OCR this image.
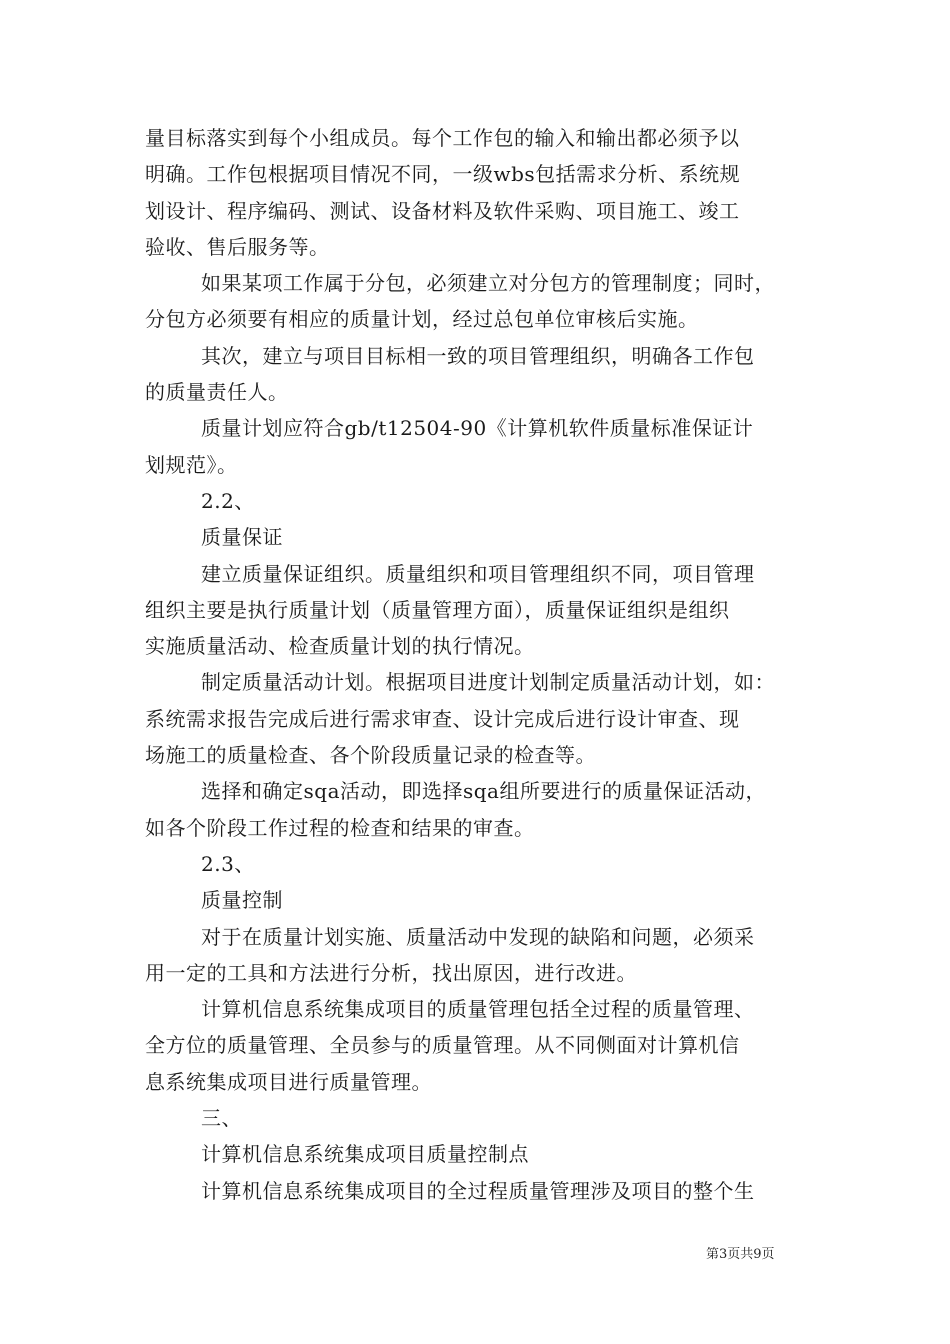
量目标落实到每个小组成员。每个工作包的输入和输出都必须予以
明确。工作包根据项目情况不同，一级wbs包括需求分析、系统规
划设计、程序编码、测试、设备材料及软件采购、项目施工、竣工
验收、售后服务等。
如果某项工作属于分包，必须建立对分包方的管理制度；同时，
分包方必须要有相应的质量计划，经过总包单位审核后实施。
其次，建立与项目目标相一致的项目管理组织，明确各工作包
的质量责任人。
质量计划应符合gb/t12504-90《计算机软件质量标准保证计
划规范》。
2.2、
质量保证
建立质量保证组织。质量组织和项目管理组织不同，项目管理
组织主要是执行质量计划（质量管理方面），质量保证组织是组织
实施质量活动、检查质量计划的执行情况。
制定质量活动计划。根据项目进度计划制定质量活动计划，如：
系统需求报告完成后进行需求审查、设计完成后进行设计审查、现
场施工的质量检查、各个阶段质量记录的检查等。
选择和确定sqa活动，即选择sqa组所要进行的质量保证活动，
如各个阶段工作过程的检查和结果的审查。
2.3、
质量控制
对于在质量计划实施、质量活动中发现的缺陷和问题，必须采
用一定的工具和方法进行分析，找出原因，进行改进。
计算机信息系统集成项目的质量管理包括全过程的质量管理、
全方位的质量管理、全员参与的质量管理。从不同侧面对计算机信
息系统集成项目进行质量管理。
三、
计算机信息系统集成项目质量控制点
计算机信息系统集成项目的全过程质量管理涉及项目的整个生
第3页共9页
